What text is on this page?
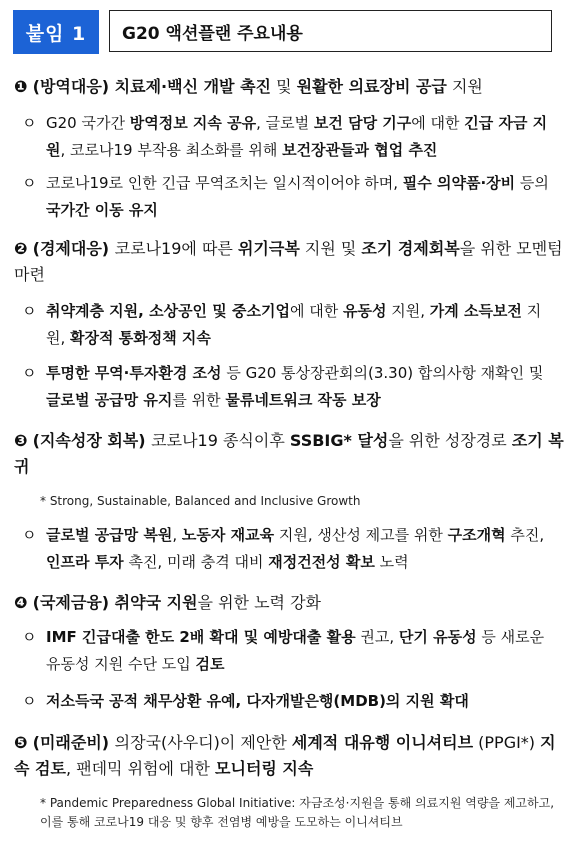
붙임 1	G20 액션플랜 주요내용
❶ (방역대응) 치료제·백신 개발 촉진 및 원활한 의료장비 공급 지원
ㅇ G20 국가간 방역정보 지속 공유, 글로벌 보건 담당 기구에 대한 긴급 자금 지원, 코로나19 부작용 최소화를 위해 보건장관들과 협업 추진
ㅇ 코로나19로 인한 긴급 무역조치는 일시적이어야 하며, 필수 의약품·장비 등의 국가간 이동 유지
❷ (경제대응) 코로나19에 따른 위기극복 지원 및 조기 경제회복을 위한 모멘텀 마련
ㅇ 취약계층 지원, 소상공인 및 중소기업에 대한 유동성 지원, 가계 소득보전 지원, 확장적 통화정책 지속
ㅇ 투명한 무역·투자환경 조성 등 G20 통상장관회의(3.30) 합의사항 재확인 및 글로벌 공급망 유지를 위한 물류네트워크 작동 보장
❸ (지속성장 회복) 코로나19 종식이후 SSBIG* 달성을 위한 성장경로 조기 복귀
* Strong, Sustainable, Balanced and Inclusive Growth
ㅇ 글로벌 공급망 복원, 노동자 재교육 지원, 생산성 제고를 위한 구조개혁 추진, 인프라 투자 촉진, 미래 충격 대비 재정건전성 확보 노력
❹ (국제금융) 취약국 지원을 위한 노력 강화
ㅇ IMF 긴급대출 한도 2배 확대 및 예방대출 활용 권고, 단기 유동성 등 새로운 유동성 지원 수단 도입 검토
ㅇ 저소득국 공적 채무상환 유예, 다자개발은행(MDB)의 지원 확대
❺ (미래준비) 의장국(사우디)이 제안한 세계적 대유행 이니셔티브 (PPGI*) 지속 검토, 팬데믹 위험에 대한 모니터링 지속
* Pandemic Preparedness Global Initiative: 자금조성·지원을 통해 의료지원 역량을 제고하고, 이를 통해 코로나19 대응 및 향후 전염병 예방을 도모하는 이니셔티브
